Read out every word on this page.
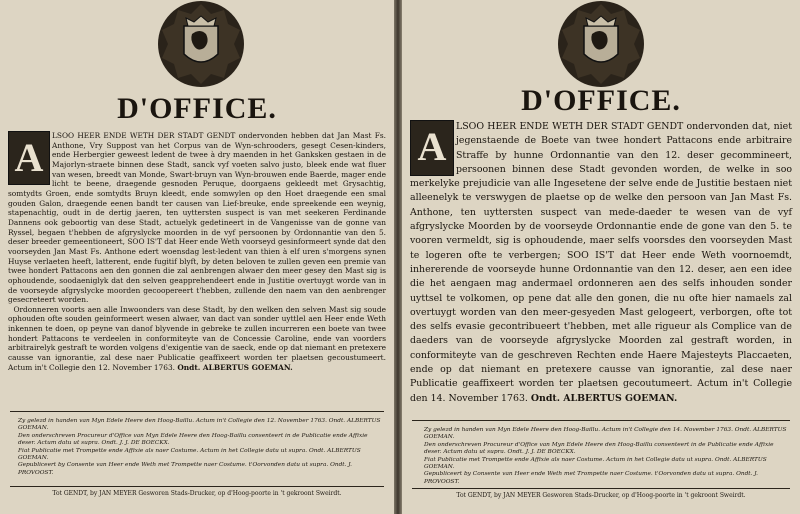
D'OFFICE.
A	LSOO HEER ENDE WETH DER STADT GENDT ondervonden hebben dat Jan Mast Fs. Anthone, Vry Suppost van het Corpus van de Wyn-schrooders, gesegt Cesen-kinders, ende Herbergier geweest ledent de twee à dry maenden in het Ganksken gestaen in de Majorlyn-straete binnen dese Stadt, sanck vyf voeten salvo justo, bleek ende wat fluer van wesen, breedt van Monde, Swart-bruyn van Wyn-brouwen ende Baerde, mager ende licht te beene, draegende gesnoden Peruque, doorgaens gekleedt met Grysachtig, somtydts Groen, ende somtydts Bruyn kleedt, ende somwylen op den Hoet draegende een smal gouden Galon, draegende eenen bandt ter causen van Lief-breuke, ende spreekende een weynig, stapenachtig, oudt in de dertig jaeren, ten uyttersten suspect is van met seekeren Ferdinande Dannens ook geboortig van dese Stadt, actuelyk gedetineert in de Vangenisse van de gonne van Ryssel, begaen t'hebben de afgryslycke moorden in de vyf persoonen by Ordonnantie van den 5. deser breeder gemeentioneert, SOO IS'T dat Heer ende Weth voorseyd gesinformeert synde dat den voorseyden Jan Mast Fs. Anthone edert woensdag lest-ledent van thien à elf uren s'morgens synen Huyse verlaeten heeft, latterent, ende fugitif blyft, by deten beloven te zullen geven een premie van twee hondert Pattacons aen den gonnen die zal aenbrengen alwaer den meer gesey den Mast sig is ophoudende, soodaeniglyk dat den selven geapprehendeert ende in Justitie overtuygt worde van in de voorseyde afgryslycke moorden gecoopereert t'hebben, zullende den naem van den aenbrenger gesecreteert worden.
Ordonneren voorts aen alle Inwoonders van dese Stadt, by den welken den selven Mast sig soude ophouden ofte souden geinformeert wesen alwaer, van dact van sonder uyttlel aen Heer ende Weth inkennen te doen, op peyne van danof blyvende in gebreke te zullen incurreren een boete van twee hondert Pattacons te verdeelen in conformiteyte van de Concessie Caroline, ende van voorders arbitrairelyk gestraft te worden volgens d'exigentie van de saeck, ende op dat niemant en pretexere causse van ignorantie, zal dese naer Publicatie geaffixeert worden ter plaetsen gecoustumeert. Actum in't Collegie den 12. November 1763. Ondt. ALBERTUS GOEMAN.
Zy gelezd in handen van Myn Edele Heere den Hoog-Baillu. Actum in't Collegie den 12. November 1763. Ondt. ALBERTUS GOEMAN.
Den onderschreven Procureur d'Office van Myn Edele Heere den Hoog-Baillu consenteert in de Publicatie ende Affixie deser. Actum datu ut supra. Ondt. J. J. DE BOECKX.
Fiat Publicatie met Trompette ende Affixie als naer Costume. Actum in het Collegie datu ut supra. Ondt. ALBERTUS GOEMAN.
Gepubliceert by Consente van Heer ende Weth met Trompette naer Costume. t'Oorvonden datu ut supra. Ondt. J. PROVOOST.
Tot GENDT, by JAN MEYER Gesworen Stads-Drucker, op d'Hoog-poorte in 't gekroont Sweirdt.
D'OFFICE.
A	LSOO HEER ENDE WETH DER STADT GENDT ondervonden dat, niet jegenstaende de Boete van twee hondert Pattacons ende arbitraire Straffe by hunne Ordonnantie van den 12. deser gecommineert, persoonen binnen dese Stadt gevonden worden, de welke in soo merkelyke prejudicie van alle Ingesetene der selve ende de Justitie bestaen niet alleenelyk te verswygen de plaetse op de welke den persoon van Jan Mast Fs. Anthone, ten uyttersten suspect van mede-daeder te wesen van de vyf afgryslycke Moorden by de voorseyde Ordonnantie ende de gone van den 5. te vooren vermeldt, sig is ophoudende, maer selfs voorsdes den voorseyden Mast te logeren ofte te verbergen; SOO IS'T dat Heer ende Weth voornoemdt, inhererende de voorseyde hunne Ordonnantie van den 12. deser, aen een idee die het aengaen mag andermael ordonneren aen des selfs inhouden sonder uyttsel te volkomen, op pene dat alle den gonen, die nu ofte hier namaels zal overtuygt worden van den meer-gesyeden Mast gelogeert, verborgen, ofte tot des selfs evasie gecontribueert t'hebben, met alle rigueur als Complice van de daeders van de voorseyde afgryslycke Moorden zal gestraft worden, in conformiteyte van de geschreven Rechten ende Haere Majesteyts Placcaeten, ende op dat niemant en pretexere causse van ignorantie, zal dese naer Publicatie geaffixeert worden ter plaetsen gecoutumeert. Actum in't Collegie den 14. November 1763. Ondt. ALBERTUS GOEMAN.
Zy gelezd in handen van Myn Edele Heere den Hoog-Baillu. Actum in't Collegie den 14. November 1763. Ondt. ALBERTUS GOEMAN.
Den onderschreven Procureur d'Office van Myn Edele Heere den Hoog-Baillu consenteert in de Publicatie ende Affixie deser. Actum datu ut supra. Ondt. J. J. DE BOECKX.
Fiat Publicatie met Trompette ende Affixie als naer Costume. Actum in het Collegie datu ut supra. Ondt. ALBERTUS GOEMAN.
Gepubliceert by Consente van Heer ende Weth met Trompette naer Costume. t'Oorvonden datu ut supra. Ondt. J. PROVOOST.
Tot GENDT, by JAN MEYER Gesworen Stads-Drucker, op d'Hoog-poorte in 't gekroont Sweirdt.
